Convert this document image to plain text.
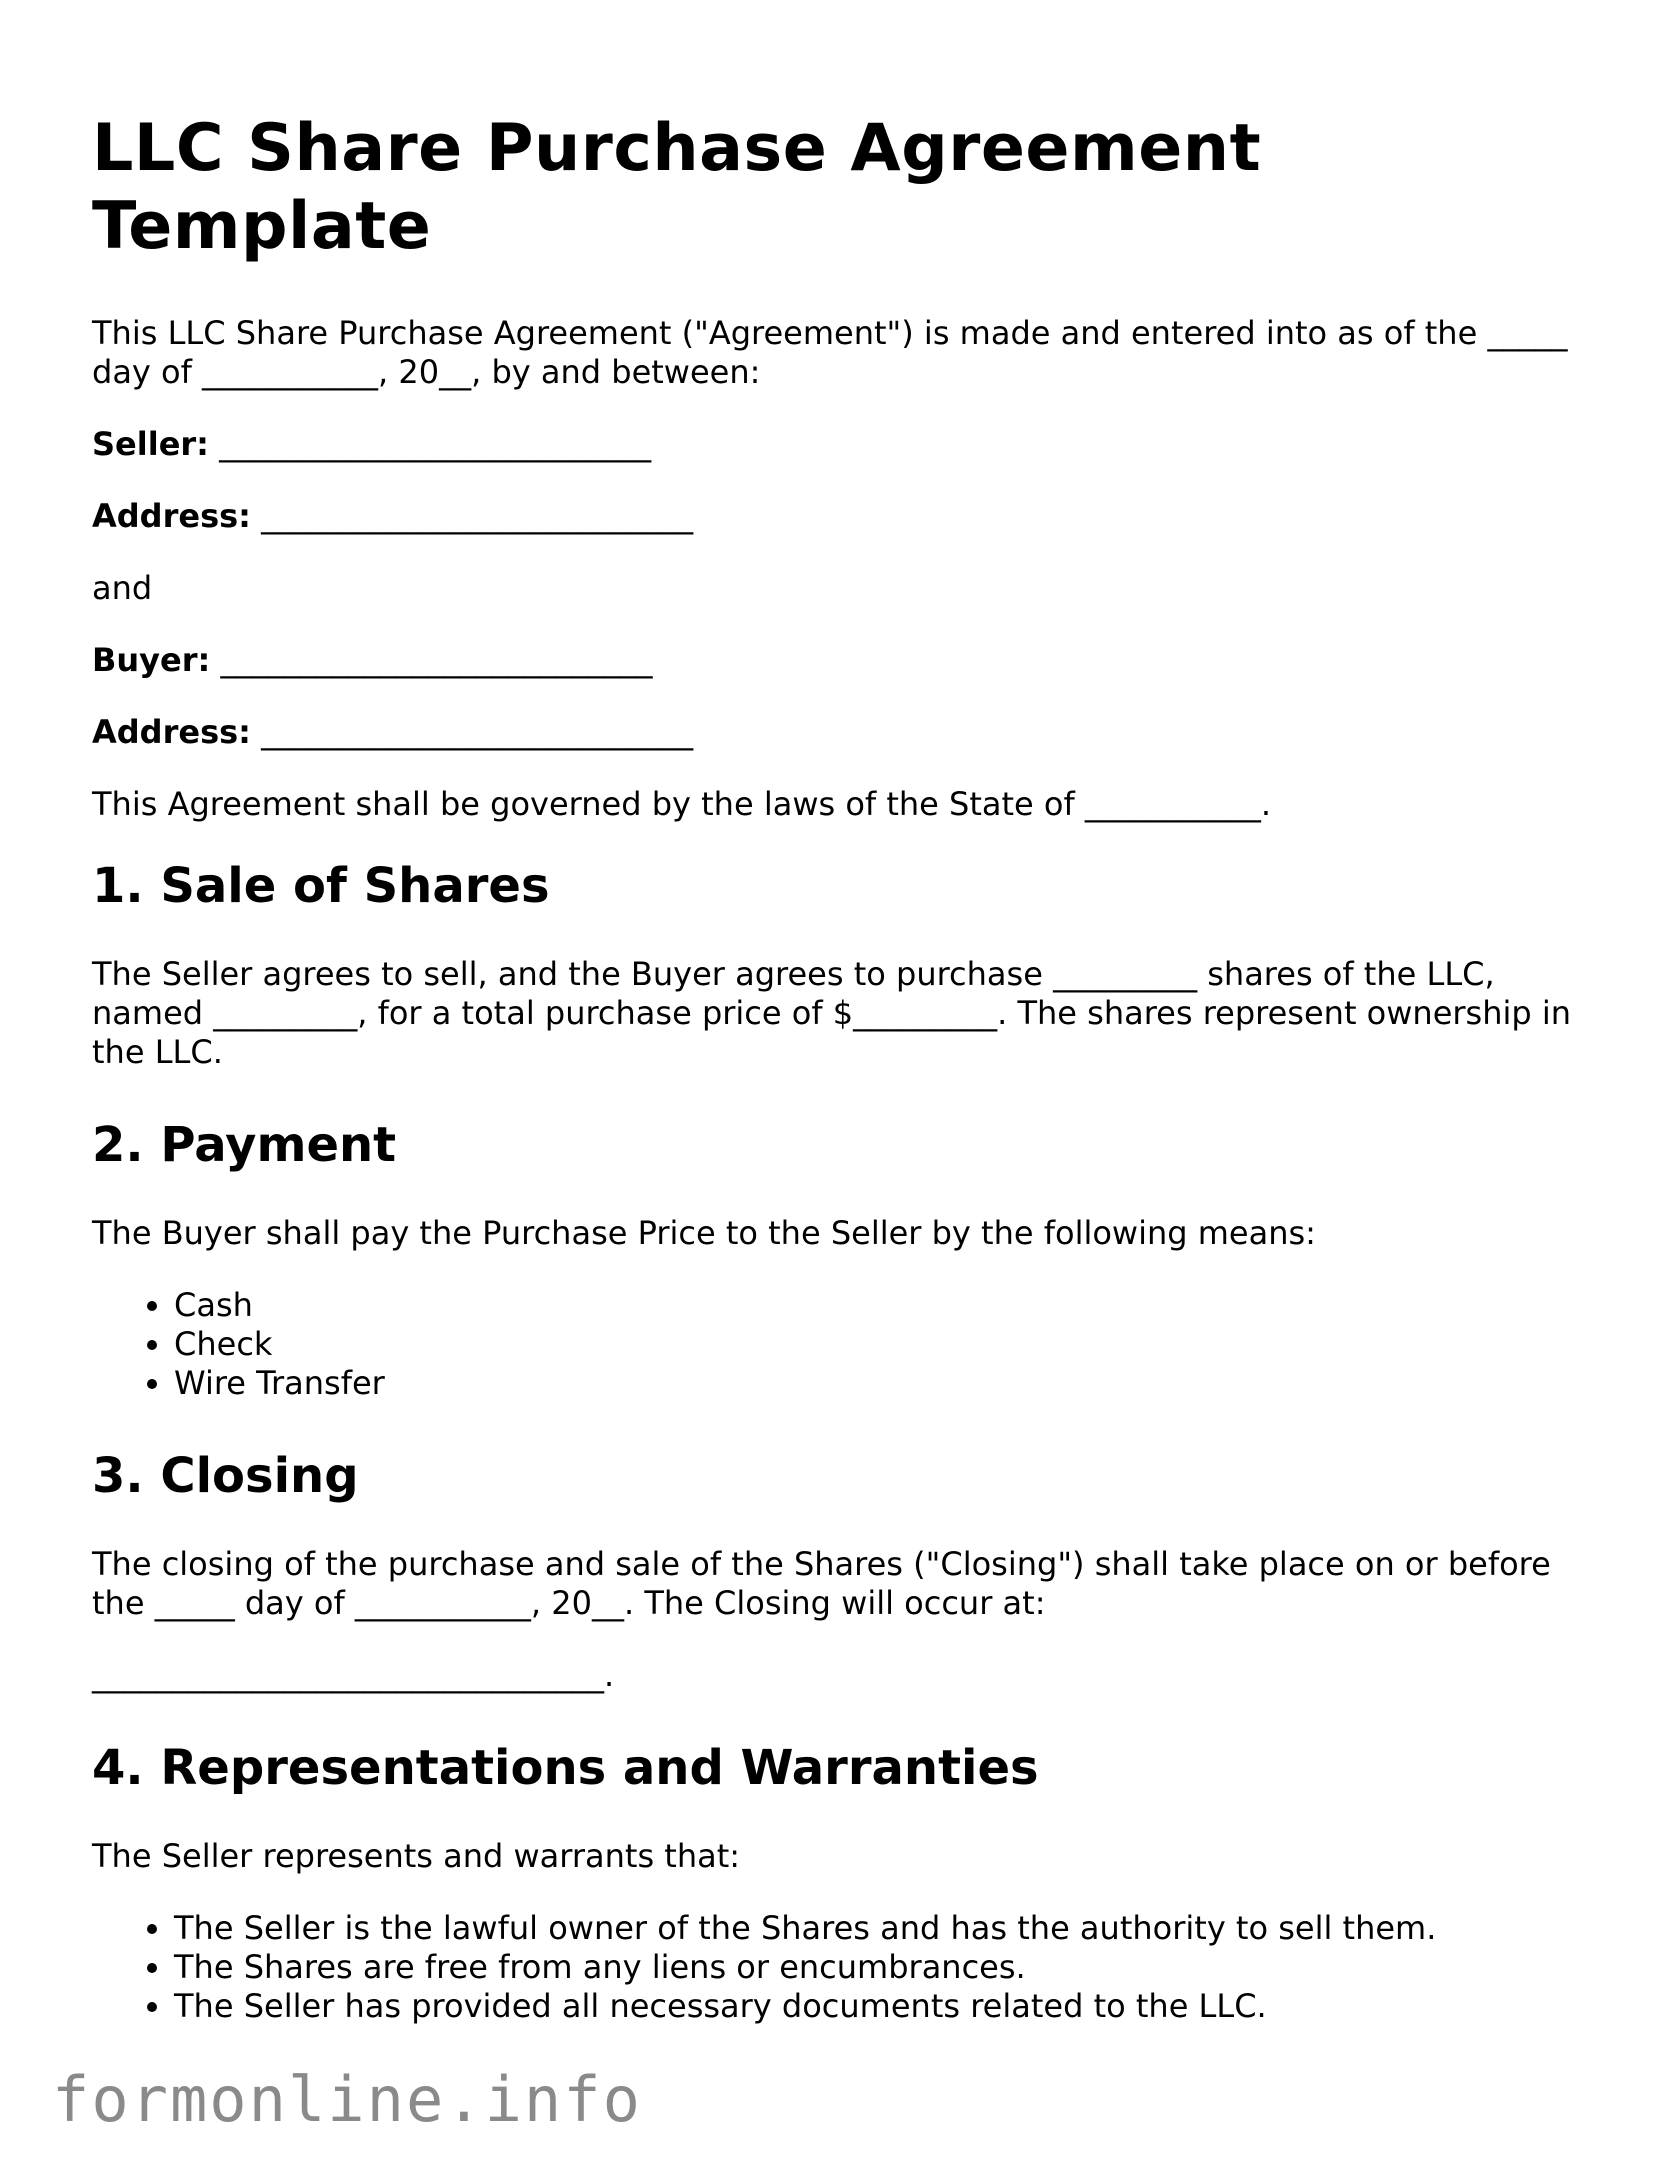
LLC Share Purchase Agreement Template

This LLC Share Purchase Agreement ("Agreement") is made and entered into as of the _____ day of ___________, 20__, by and between:

Seller: ___________________________
Address: ___________________________

and

Buyer: ___________________________
Address: ___________________________

This Agreement shall be governed by the laws of the State of ___________.

1. Sale of Shares

The Seller agrees to sell, and the Buyer agrees to purchase _________ shares of the LLC, named _________, for a total purchase price of $_________. The shares represent ownership in the LLC.

2. Payment

The Buyer shall pay the Purchase Price to the Seller by the following means:

• Cash
• Check
• Wire Transfer
3. Closing

The closing of the purchase and sale of the Shares ("Closing") shall take place on or before the _____ day of ___________, 20__. The Closing will occur at:

________________________________.

4. Representations and Warranties

The Seller represents and warrants that:

• The Seller is the lawful owner of the Shares and has the authority to sell them.
• The Shares are free from any liens or encumbrances.
• The Seller has provided all necessary documents related to the LLC.
formonline.info
